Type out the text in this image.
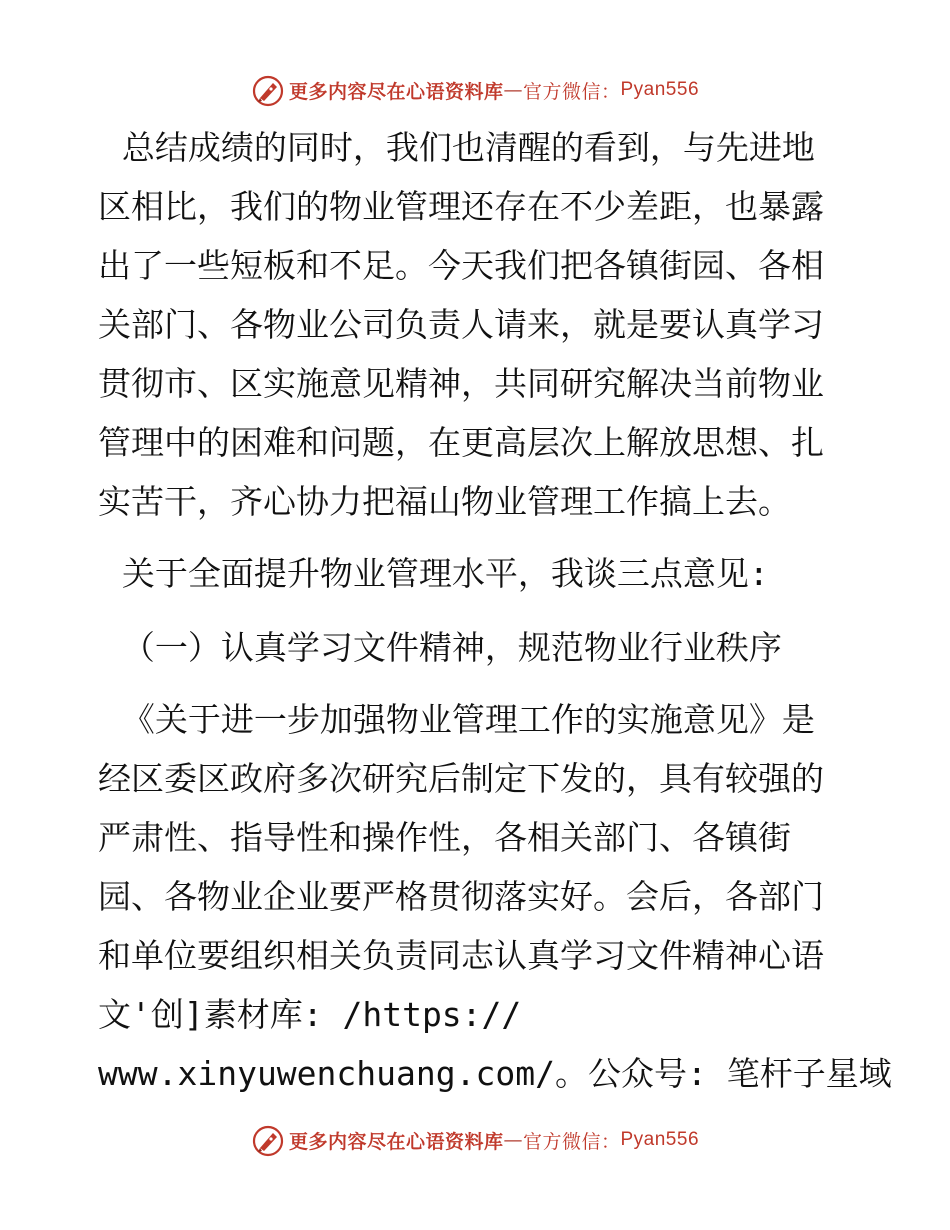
更多内容尽在心语资料库 — 官方微信： Pyan556
总结成绩的同时，我们也清醒的看到，与先进地
区相比，我们的物业管理还存在不少差距，也暴露
出了一些短板和不足。今天我们把各镇街园、各相
关部门、各物业公司负责人请来，就是要认真学习
贯彻市、区实施意见精神，共同研究解决当前物业
管理中的困难和问题，在更高层次上解放思想、扎
实苦干，齐心协力把福山物业管理工作搞上去。
关于全面提升物业管理水平，我谈三点意见:
（一）认真学习文件精神，规范物业行业秩序
《关于进一步加强物业管理工作的实施意见》是
经区委区政府多次研究后制定下发的，具有较强的
严肃性、指导性和操作性，各相关部门、各镇街
园、各物业企业要严格贯彻落实好。会后，各部门
和单位要组织相关负责同志认真学习文件精神心语
文'创]素材库: /https://
www.xinyuwenchuang.com/。公众号: 笔杆子星域
更多内容尽在心语资料库 — 官方微信： Pyan556
